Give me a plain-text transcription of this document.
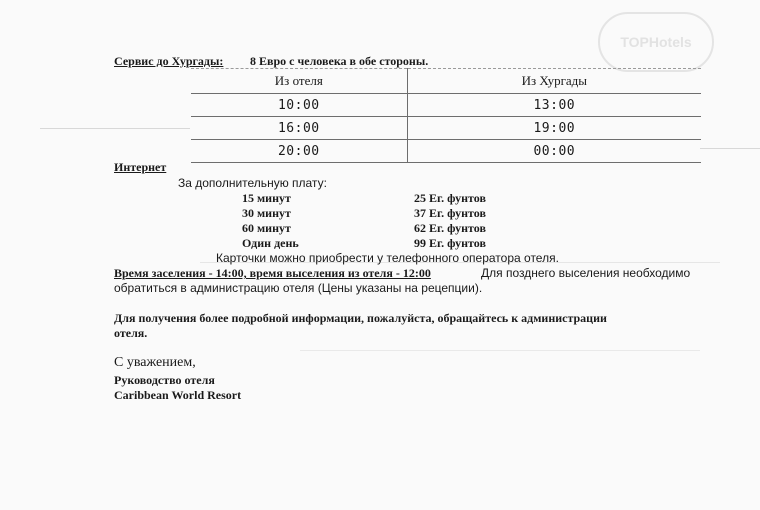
TOPHotels
Сервис до Хургады: 8 Евро с человека в обе стороны.
Из отеля	Из Хургады
10:00	13:00
16:00	19:00
20:00	00:00
Интернет
За дополнительную плату:
15 минут	25 Ег. фунтов
30 минут	37 Ег. фунтов
60 минут	62 Ег. фунтов
Один день	99 Ег. фунтов
Карточки можно приобрести у телефонного оператора отеля.
Время заселения - 14:00, время выселения из отеля - 12:00	Для позднего выселения необходимо
обратиться в администрацию отеля (Цены указаны на рецепции).
Для получения более подробной информации, пожалуйста, обращайтесь к администрации
отеля.
С уважением,
Руководство отеля
Caribbean World Resort
